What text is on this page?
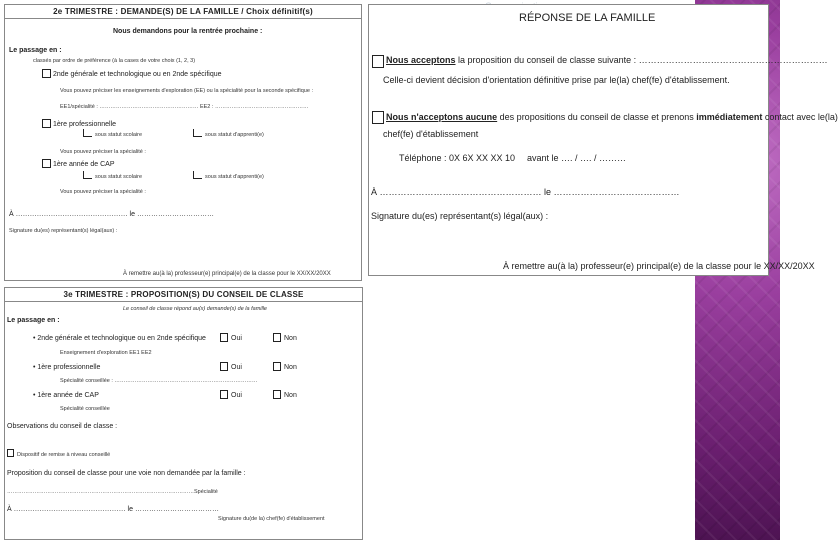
2e TRIMESTRE : DEMANDE(S) DE LA FAMILLE / Choix définitif(s)
Nous demandons pour la rentrée prochaine :
Le passage en :
classés par ordre de préférence (à la cases de votre choix (1, 2, 3)
2nde générale et technologique ou en 2nde spécifique
Vous pouvez préciser les enseignements d'exploration (EE) ou la spécialité pour la seconde spécifique :
EE1/spécialité : ……………………………………………… EE2 : ……………………………………………
1ère professionnelle
sous statut scolaire	sous statut d'apprenti(e)
Vous pouvez préciser la spécialité :
1ère année de CAP
sous statut scolaire	sous statut d'apprenti(e)
Vous pouvez préciser la spécialité :
À ………………………………………… le ……………………………
Signature du(es) représentant(s) légal(aux) :
À remettre au(à la) professeur(e) principal(e) de la classe pour le XX/XX/20XX
RÉPONSE DE LA FAMILLE
Nous acceptons la proposition du conseil de classe suivante : ………………………………………………………
Celle-ci devient décision d'orientation définitive prise par le(la) chef(fe) d'établissement.
Nous n'acceptons aucune des propositions du conseil de classe et prenons immédiatement contact avec le(la)
chef(fe) d'établissement
Téléphone : 0X 6X XX XX 10 avant le …. / …. / ………
À ……………………………………………… le ……………………………………
Signature du(es) représentant(s) légal(aux) :
À remettre au(à la) professeur(e) principal(e) de la classe pour le XX/XX/20XX
3e TRIMESTRE : PROPOSITION(S) DU CONSEIL DE CLASSE
Le conseil de classe répond au(x) demande(s) de la famille
Le passage en :
• 2nde générale et technologique ou en 2nde spécifique	Oui	Non
Enseignement d'exploration EE1 EE2
• 1ère professionnelle	Oui	Non
Spécialité conseillée : ……………………………………………………………………
• 1ère année de CAP	Oui	Non
Spécialité conseillée
Observations du conseil de classe :
Dispositif de remise à niveau conseillé
Proposition du conseil de classe pour une voie non demandée par la famille :
…………………………………………………………………………………………Spécialité
À ………………………………………… le ………………………………
Signature du(de la) chef(fe) d'établissement
